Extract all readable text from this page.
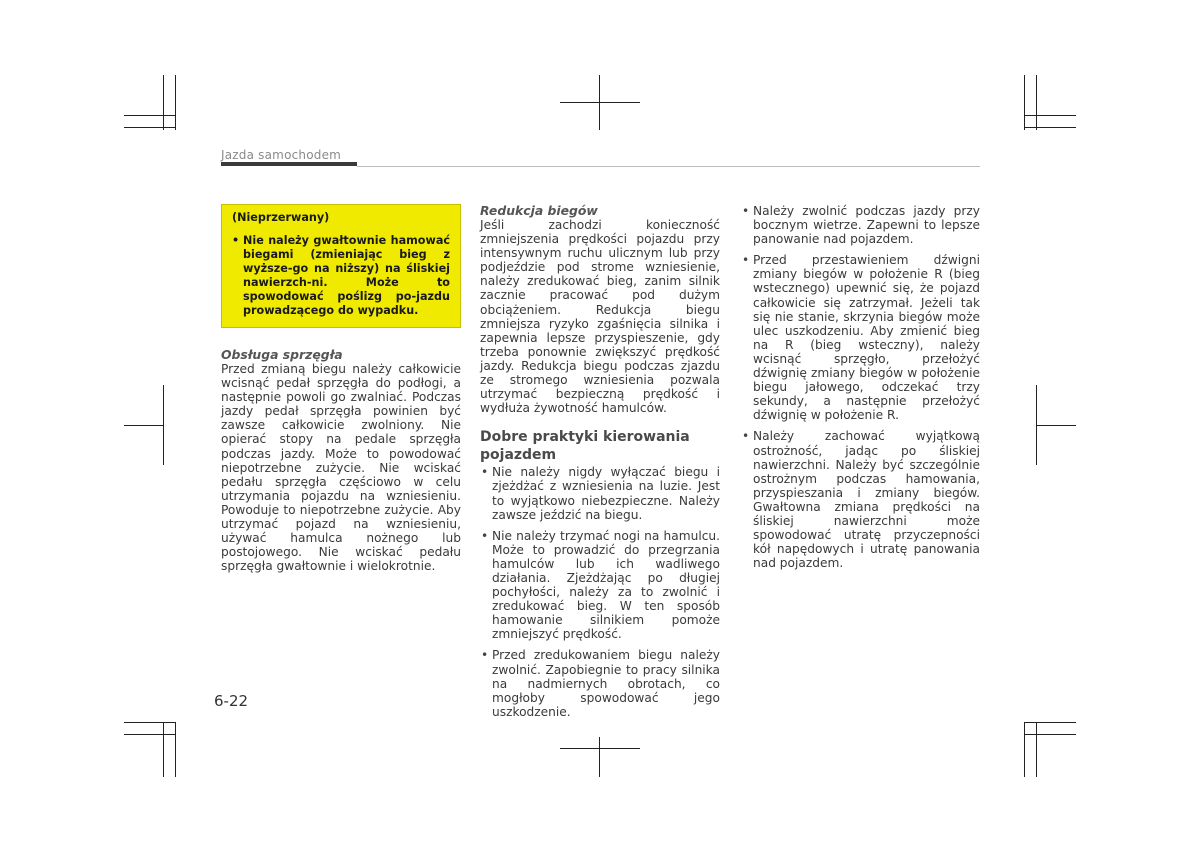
Jazda samochodem
(Nieprzerwany)
• Nie należy gwałtownie hamować biegami (zmieniając bieg z wyższe-go na niższy) na śliskiej nawierzch-ni. Może to spowodować poślizg po-jazdu prowadzącego do wypadku.

Obsługa sprzęgła

Przed zmianą biegu należy całkowicie wcisnąć pedał sprzęgła do podłogi, a następnie powoli go zwalniać. Podczas jazdy pedał sprzęgła powinien być zawsze całkowicie zwolniony. Nie opierać stopy na pedale sprzęgła podczas jazdy. Może to powodować niepotrzebne zużycie. Nie wciskać pedału sprzęgła częściowo w celu utrzymania pojazdu na wzniesieniu. Powoduje to niepotrzebne zużycie. Aby utrzymać pojazd na wzniesieniu, używać hamulca nożnego lub postojowego. Nie wciskać pedału sprzęgła gwałtownie i wielokrotnie.

Redukcja biegów

Jeśli zachodzi konieczność zmniejszenia prędkości pojazdu przy intensywnym ruchu ulicznym lub przy podjeździe pod strome wzniesienie, należy zredukować bieg, zanim silnik zacznie pracować pod dużym obciążeniem. Redukcja biegu zmniejsza ryzyko zgaśnięcia silnika i zapewnia lepsze przyspieszenie, gdy trzeba ponownie zwiększyć prędkość jazdy. Redukcja biegu podczas zjazdu ze stromego wzniesienia pozwala utrzymać bezpieczną prędkość i wydłuża żywotność hamulców.

Dobre praktyki kierowania pojazdem
• Nie należy nigdy wyłączać biegu i zjeżdżać z wzniesienia na luzie. Jest to wyjątkowo niebezpieczne. Należy zawsze jeździć na biegu.

• Nie należy trzymać nogi na hamulcu. Może to prowadzić do przegrzania hamulców lub ich wadliwego działania. Zjeżdżając po długiej pochyłości, należy za to zwolnić i zredukować bieg. W ten sposób hamowanie silnikiem pomoże zmniejszyć prędkość.

• Przed zredukowaniem biegu należy zwolnić. Zapobiegnie to pracy silnika na nadmiernych obrotach, co mogłoby spowodować jego uszkodzenie.

• Należy zwolnić podczas jazdy przy bocznym wietrze. Zapewni to lepsze panowanie nad pojazdem.

• Przed przestawieniem dźwigni zmiany biegów w położenie R (bieg wstecznego) upewnić się, że pojazd całkowicie się zatrzymał. Jeżeli tak się nie stanie, skrzynia biegów może ulec uszkodzeniu. Aby zmienić bieg na R (bieg wsteczny), należy wcisnąć sprzęgło, przełożyć dźwignię zmiany biegów w położenie biegu jałowego, odczekać trzy sekundy, a następnie przełożyć dźwignię w położenie R.

• Należy zachować wyjątkową ostrożność, jadąc po śliskiej nawierzchni. Należy być szczególnie ostrożnym podczas hamowania, przyspieszania i zmiany biegów. Gwałtowna zmiana prędkości na śliskiej nawierzchni może spowodować utratę przyczepności kół napędowych i utratę panowania nad pojazdem.

6-22
